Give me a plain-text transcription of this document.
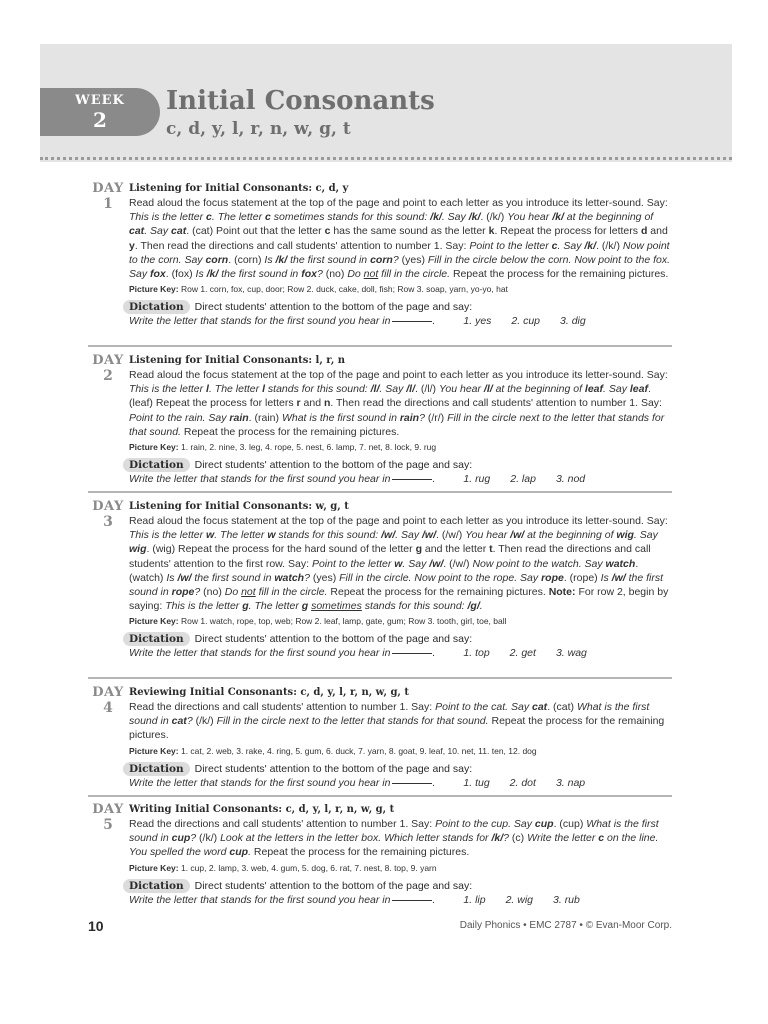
WEEK
2
Initial Consonants
c, d, y, l, r, n, w, g, t
DAY
1
Listening for Initial Consonants: c, d, y
Read aloud the focus statement at the top of the page and point to each letter as you introduce its letter-sound. Say: This is the letter c. The letter c sometimes stands for this sound: /k/. Say /k/. (/k/) You hear /k/ at the beginning of cat. Say cat. (cat) Point out that the letter c has the same sound as the letter k. Repeat the process for letters d and y. Then read the directions and call students' attention to number 1. Say: Point to the letter c. Say /k/. (/k/) Now point to the corn. Say corn. (corn) Is /k/ the first sound in corn? (yes) Fill in the circle below the corn. Now point to the fox. Say fox. (fox) Is /k/ the first sound in fox? (no) Do not fill in the circle. Repeat the process for the remaining pictures.
Picture Key: Row 1. corn, fox, cup, door; Row 2. duck, cake, doll, fish; Row 3. soap, yarn, yo-yo, hat
Dictation Direct students' attention to the bottom of the page and say:
Write the letter that stands for the first sound you hear in	.	1. yes 2. cup 3. dig
DAY
2
Listening for Initial Consonants: l, r, n
Read aloud the focus statement at the top of the page and point to each letter as you introduce its letter-sound. Say: This is the letter l. The letter l stands for this sound: /l/. Say /l/. (/l/) You hear /l/ at the beginning of leaf. Say leaf. (leaf) Repeat the process for letters r and n. Then read the directions and call students' attention to number 1. Say: Point to the rain. Say rain. (rain) What is the first sound in rain? (/r/) Fill in the circle next to the letter that stands for that sound. Repeat the process for the remaining pictures.
Picture Key: 1. rain, 2. nine, 3. leg, 4. rope, 5. nest, 6. lamp, 7. net, 8. lock, 9. rug
Dictation Direct students' attention to the bottom of the page and say:
Write the letter that stands for the first sound you hear in	.	1. rug 2. lap 3. nod
DAY
3
Listening for Initial Consonants: w, g, t
Read aloud the focus statement at the top of the page and point to each letter as you introduce its letter-sound. Say: This is the letter w. The letter w stands for this sound: /w/. Say /w/. (/w/) You hear /w/ at the beginning of wig. Say wig. (wig) Repeat the process for the hard sound of the letter g and the letter t. Then read the directions and call students' attention to the first row. Say: Point to the letter w. Say /w/. (/w/) Now point to the watch. Say watch. (watch) Is /w/ the first sound in watch? (yes) Fill in the circle. Now point to the rope. Say rope. (rope) Is /w/ the first sound in rope? (no) Do not fill in the circle. Repeat the process for the remaining pictures. Note: For row 2, begin by saying: This is the letter g. The letter g sometimes stands for this sound: /g/.
Picture Key: Row 1. watch, rope, top, web; Row 2. leaf, lamp, gate, gum; Row 3. tooth, girl, toe, ball
Dictation Direct students' attention to the bottom of the page and say:
Write the letter that stands for the first sound you hear in	.	1. top 2. get 3. wag
DAY
4
Reviewing Initial Consonants: c, d, y, l, r, n, w, g, t
Read the directions and call students' attention to number 1. Say: Point to the cat. Say cat. (cat) What is the first sound in cat? (/k/) Fill in the circle next to the letter that stands for that sound. Repeat the process for the remaining pictures.
Picture Key: 1. cat, 2. web, 3. rake, 4. ring, 5. gum, 6. duck, 7. yarn, 8. goat, 9. leaf, 10. net, 11. ten, 12. dog
Dictation Direct students' attention to the bottom of the page and say:
Write the letter that stands for the first sound you hear in	.	1. tug 2. dot 3. nap
DAY
5
Writing Initial Consonants: c, d, y, l, r, n, w, g, t
Read the directions and call students' attention to number 1. Say: Point to the cup. Say cup. (cup) What is the first sound in cup? (/k/) Look at the letters in the letter box. Which letter stands for /k/? (c) Write the letter c on the line. You spelled the word cup. Repeat the process for the remaining pictures.
Picture Key: 1. cup, 2. lamp, 3. web, 4. gum, 5. dog, 6. rat, 7. nest, 8. top, 9. yarn
Dictation Direct students' attention to the bottom of the page and say:
Write the letter that stands for the first sound you hear in	.	1. lip 2. wig 3. rub
10	Daily Phonics • EMC 2787 • © Evan-Moor Corp.
